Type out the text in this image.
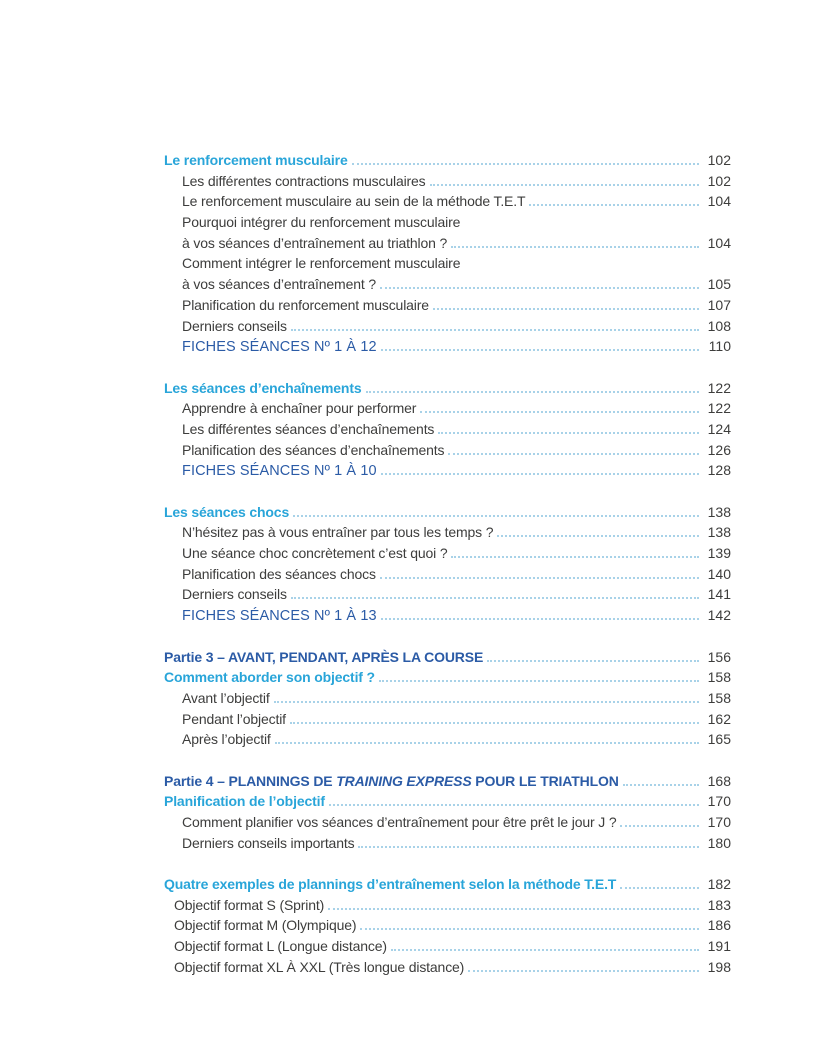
Le renforcement musculaire	102
Les différentes contractions musculaires	102
Le renforcement musculaire au sein de la méthode T.E.T	104
Pourquoi intégrer du renforcement musculaire
à vos séances d’entraînement au triathlon ?	104
Comment intégrer le renforcement musculaire
à vos séances d’entraînement ?	105
Planification du renforcement musculaire	107
Derniers conseils	108
FICHES SÉANCES Nº 1 À 12	110
Les séances d’enchaînements	122
Apprendre à enchaîner pour performer	122
Les différentes séances d’enchaînements	124
Planification des séances d’enchaînements	126
FICHES SÉANCES Nº 1 À 10	128
Les séances chocs	138
N’hésitez pas à vous entraîner par tous les temps ?	138
Une séance choc concrètement c’est quoi ?	139
Planification des séances chocs	140
Derniers conseils	141
FICHES SÉANCES Nº 1 À 13	142
Partie 3 – AVANT, PENDANT, APRÈS LA COURSE	156
Comment aborder son objectif ?	158
Avant l’objectif	158
Pendant l’objectif	162
Après l’objectif	165
Partie 4 – PLANNINGS DE TRAINING EXPRESS POUR LE TRIATHLON	168
Planification de l’objectif	170
Comment planifier vos séances d’entraînement pour être prêt le jour J ?	170
Derniers conseils importants	180
Quatre exemples de plannings d’entraînement selon la méthode T.E.T	182
Objectif format S (Sprint)	183
Objectif format M (Olympique)	186
Objectif format L (Longue distance)	191
Objectif format XL À XXL (Très longue distance)	198
